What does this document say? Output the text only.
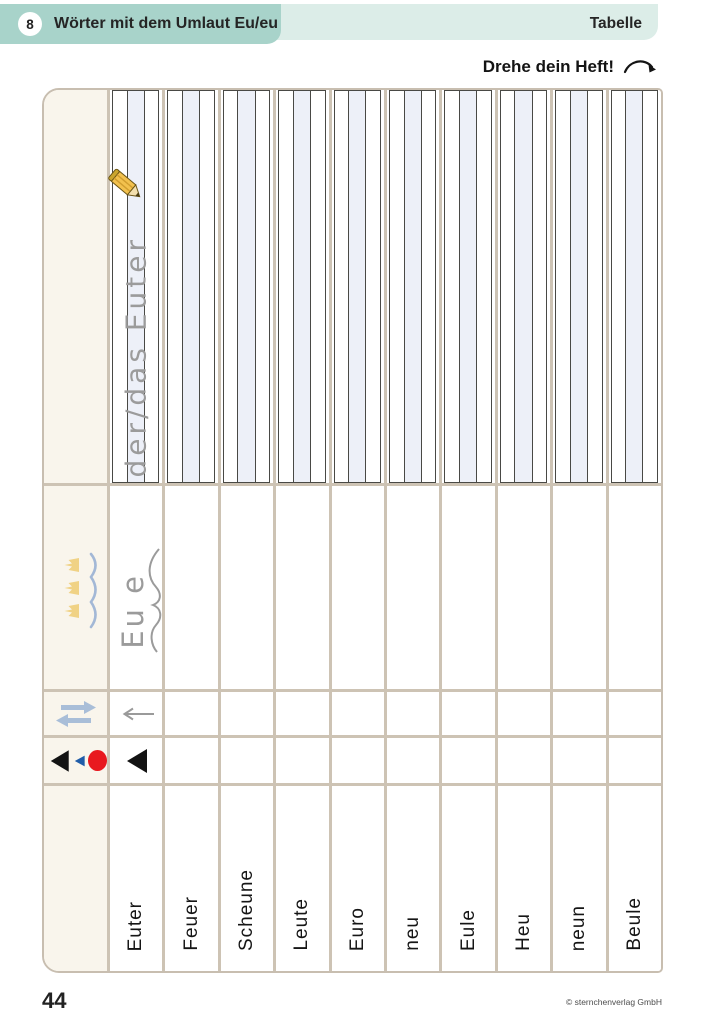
Tabelle
8	Wörter mit dem Umlaut Eu/eu
Drehe dein Heft!
der/das Euter
Eu e
Euter Feuer Scheune Leute Euro neu Eule Heu neun Beule
44	© sternchenverlag GmbH
